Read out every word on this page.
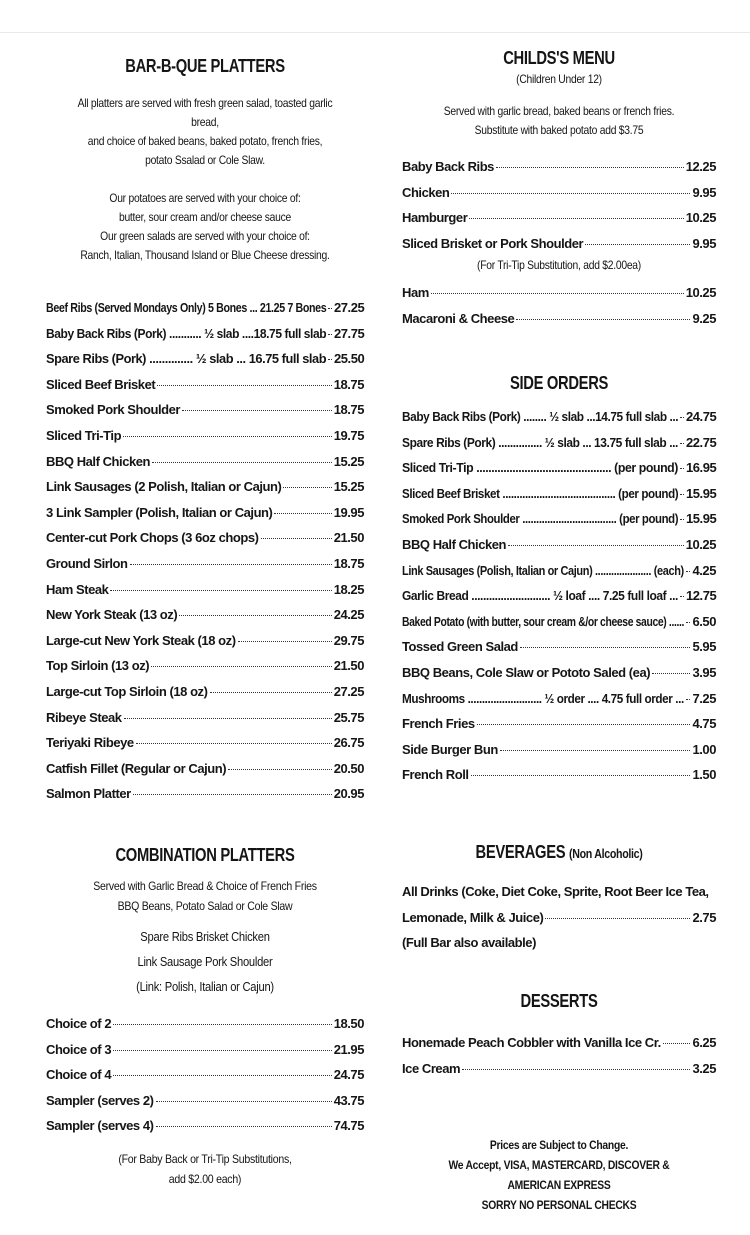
BAR-B-QUE PLATTERS
All platters are served with fresh green salad, toasted garlic bread,
and choice of baked beans, baked potato, french fries,
potato Ssalad or Cole Slaw.
Our potatoes are served with your choice of:
butter, sour cream and/or cheese sauce
Our green salads are served with your choice of:
Ranch, Italian, Thousand Island or Blue Cheese dressing.
Beef Ribs (Served Mondays Only) 5 Bones ... 21.25 7 Bones 27.25
Baby Back Ribs (Pork) ........... ½ slab ....18.75 full slab 27.75
Spare Ribs (Pork) .............. ½ slab ... 16.75 full slab 25.50
Sliced Beef Brisket	18.75
Smoked Pork Shoulder	18.75
Sliced Tri-Tip	19.75
BBQ Half Chicken	15.25
Link Sausages (2 Polish, Italian or Cajun)	15.25
3 Link Sampler (Polish, Italian or Cajun)	19.95
Center-cut Pork Chops (3 6oz chops)	21.50
Ground Sirlon	18.75
Ham Steak	18.25
New York Steak (13 oz)	24.25
Large-cut New York Steak (18 oz)	29.75
Top Sirloin (13 oz)	21.50
Large-cut Top Sirloin (18 oz)	27.25
Ribeye Steak	25.75
Teriyaki Ribeye	26.75
Catfish Fillet (Regular or Cajun)	20.50
Salmon Platter	20.95
COMBINATION PLATTERS
Served with Garlic Bread & Choice of French Fries
BBQ Beans, Potato Salad or Cole Slaw
Spare Ribs Brisket Chicken
Link Sausage Pork Shoulder
(Link: Polish, Italian or Cajun)
Choice of 2	18.50
Choice of 3	21.95
Choice of 4	24.75
Sampler (serves 2)	43.75
Sampler (serves 4)	74.75
(For Baby Back or Tri-Tip Substitutions,
add $2.00 each)
CHILDS'S MENU
(Children Under 12)
Served with garlic bread, baked beans or french fries.
Substitute with baked potato add $3.75
Baby Back Ribs	12.25
Chicken	9.95
Hamburger	10.25
Sliced Brisket or Pork Shoulder	9.95
(For Tri-Tip Substitution, add $2.00ea)
Ham	10.25
Macaroni & Cheese	9.25
SIDE ORDERS
Baby Back Ribs (Pork) ........ ½ slab ...14.75 full slab ... 24.75
Spare Ribs (Pork) ............... ½ slab ... 13.75 full slab ... 22.75
Sliced Tri-Tip ............................................. (per pound) 16.95
Sliced Beef Brisket ........................................ (per pound) 15.95
Smoked Pork Shoulder .................................. (per pound) 15.95
BBQ Half Chicken	10.25
Link Sausages (Polish, Italian or Cajun) ..................... (each) 4.25
Garlic Bread ........................... ½ loaf .... 7.25 full loaf ... 12.75
Baked Potato (with butter, sour cream &/or cheese sauce) ...... 6.50
Tossed Green Salad	5.95
BBQ Beans, Cole Slaw or Pototo Saled (ea)	3.95
Mushrooms .......................... ½ order .... 4.75 full order ... 7.25
French Fries	4.75
Side Burger Bun	1.00
French Roll	1.50
BEVERAGES (Non Alcoholic)
All Drinks (Coke, Diet Coke, Sprite, Root Beer Ice Tea,
Lemonade, Milk & Juice)	2.75
(Full Bar also available)
DESSERTS
Honemade Peach Cobbler with Vanilla Ice Cr. 6.25
Ice Cream	3.25
Prices are Subject to Change.
We Accept, VISA, MASTERCARD, DISCOVER & AMERICAN EXPRESS
SORRY NO PERSONAL CHECKS
